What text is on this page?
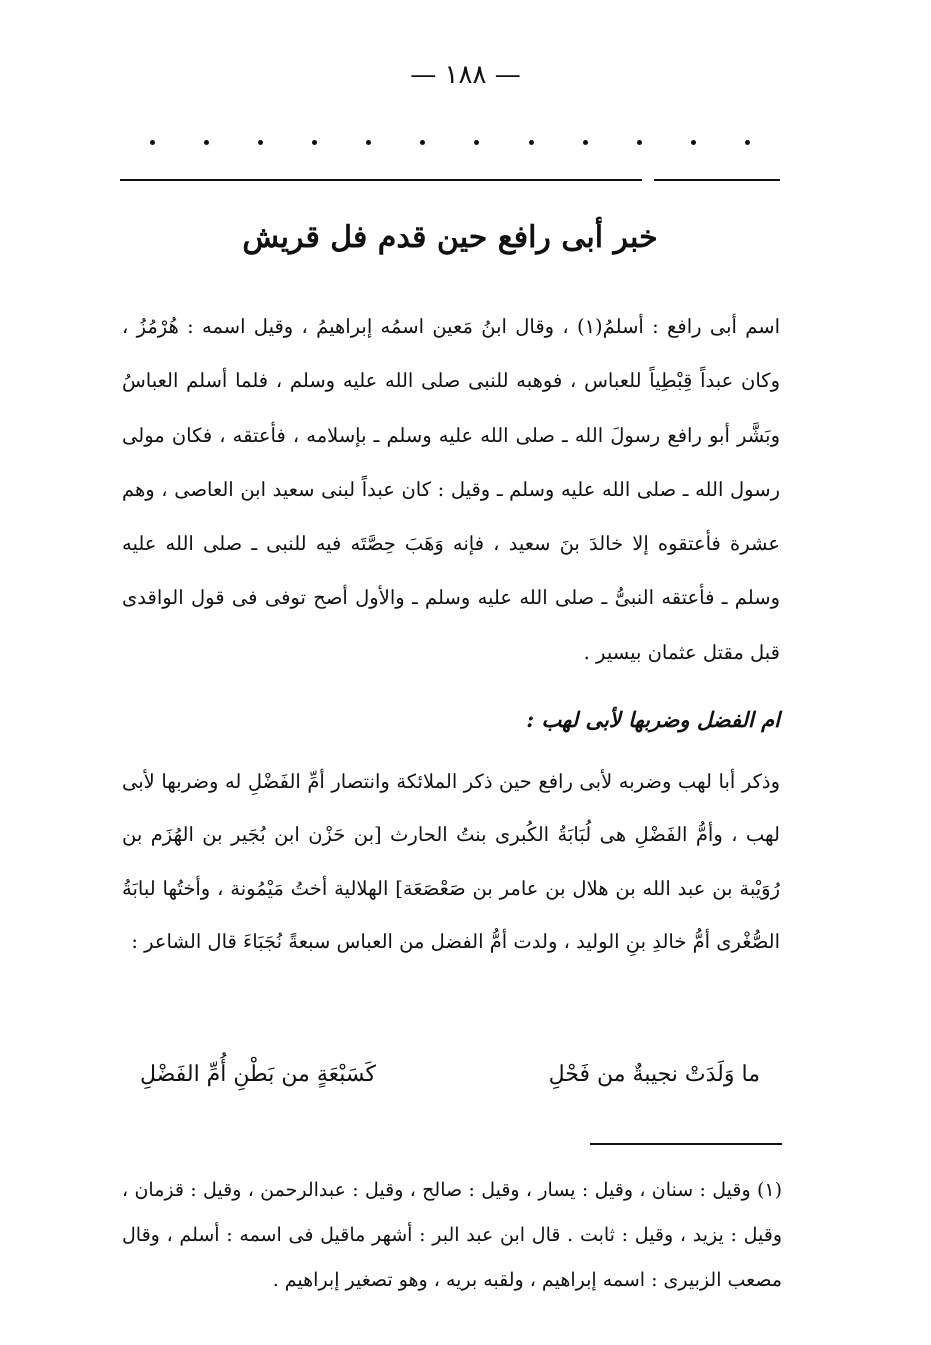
— ١٨٨ —
خبر أبى رافع حين قدم فل قريش

اسم أبى رافع : أسلمُ(١) ، وقال ابنُ مَعين اسمُه إبراهيمُ ، وقيل اسمه : هُرْمُزُ ، وكان عبداً قِبْطِياً للعباس ، فوهبه للنبى صلى الله عليه وسلم ، فلما أسلم العباسُ وبَشَّر أبو رافع رسولَ الله ـ صلى الله عليه وسلم ـ بإسلامه ، فأعتقه ، فكان مولى رسول الله ـ صلى الله عليه وسلم ـ وقيل : كان عبداً لبنى سعيد ابن العاصى ، وهم عشرة فأعتقوه إلا خالدَ بنَ سعيد ، فإنه وَهَبَ حِصَّتَه فيه للنبى ـ صلى الله عليه وسلم ـ فأعتقه النبىُّ ـ صلى الله عليه وسلم ـ والأول أصح توفى فى قول الواقدى قبل مقتل عثمان بيسير .

ام الفضل وضربها لأبى لهب :

وذكر أبا لهب وضربه لأبى رافع حين ذكر الملائكة وانتصار أمِّ الفَضْلِ له وضربها لأبى لهب ، وأمُّ الفَضْلِ هى لُبَابَةُ الكُبرى بنتُ الحارث [بن حَزْن ابن بُجَير بن الهُزَم بن رُوَيْبة بن عبد الله بن هلال بن عامر بن صَعْصَعَة] الهلالية أختُ مَيْمُونة ، وأختُها لبابَةُ الصُّغْرى أمُّ خالدِ بنِ الوليد ، ولدت أمُّ الفضل من العباس سبعةً نُجَبَاءَ قال الشاعر :

ما وَلَدَتْ نجيبةٌ من فَحْلِ
كَسَبْعَةٍ من بَطْنِ أُمِّ الفَضْلِ

(١) وقيل : سنان ، وقيل : يسار ، وقيل : صالح ، وقيل : عبدالرحمن ، وقيل : قزمان ، وقيل : يزيد ، وقيل : ثابت . قال ابن عبد البر : أشهر ماقيل فى اسمه : أسلم ، وقال مصعب الزبيرى : اسمه إبراهيم ، ولقبه بريه ، وهو تصغير إبراهيم .
